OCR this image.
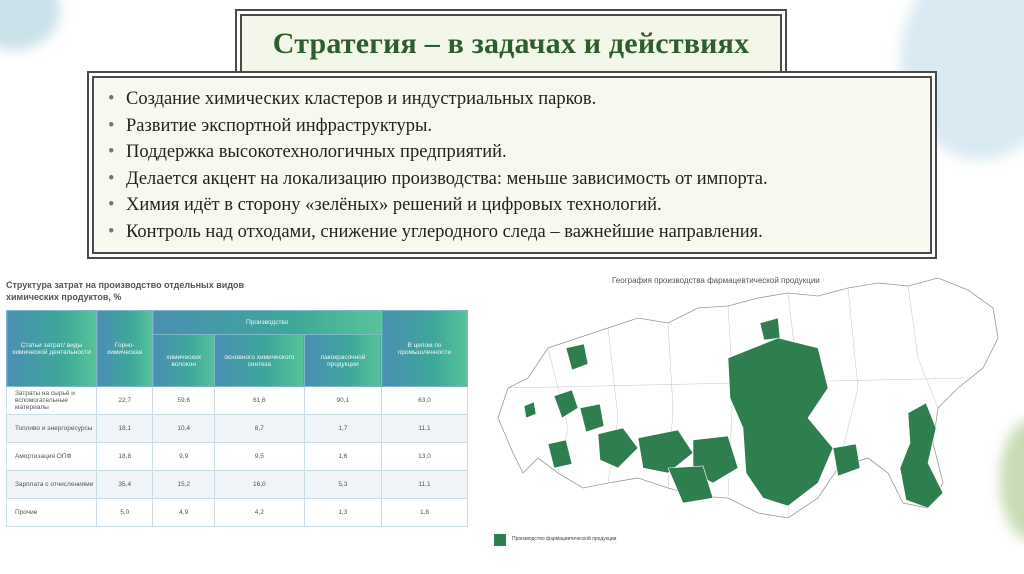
Стратегия – в задачах и действиях
• Создание химических кластеров и индустриальных парков.
• Развитие экспортной инфраструктуры.
• Поддержка высокотехнологичных предприятий.
• Делается акцент на локализацию производства: меньше зависимость от импорта.
• Химия идёт в сторону «зелёных» решений и цифровых технологий.
• Контроль над отходами, снижение углеродного следа – важнейшие направления.
Структура затрат на производство отдельных видов химических продуктов, %
Статьи затрат/ виды химической деятельности	Горно-химическая	Производство			В целом по промышленности
		химических волокон	основного химического синтеза	лакокрасочной продукции	
Затраты на сырьё и вспомогательные материалы	22,7	59,6	61,6	90,1	63,0
Топливо и энергоресурсы	18,1	10,4	8,7	1,7	11,1
Амортизация ОПФ	18,8	9,9	9,5	1,6	13,0
Зарплата с отчислениями	35,4	15,2	16,0	5,3	11,1
Прочие	5,0	4,9	4,2	1,3	1,8
География производства фармацевтической продукции
Производство фармацевтической продукции
